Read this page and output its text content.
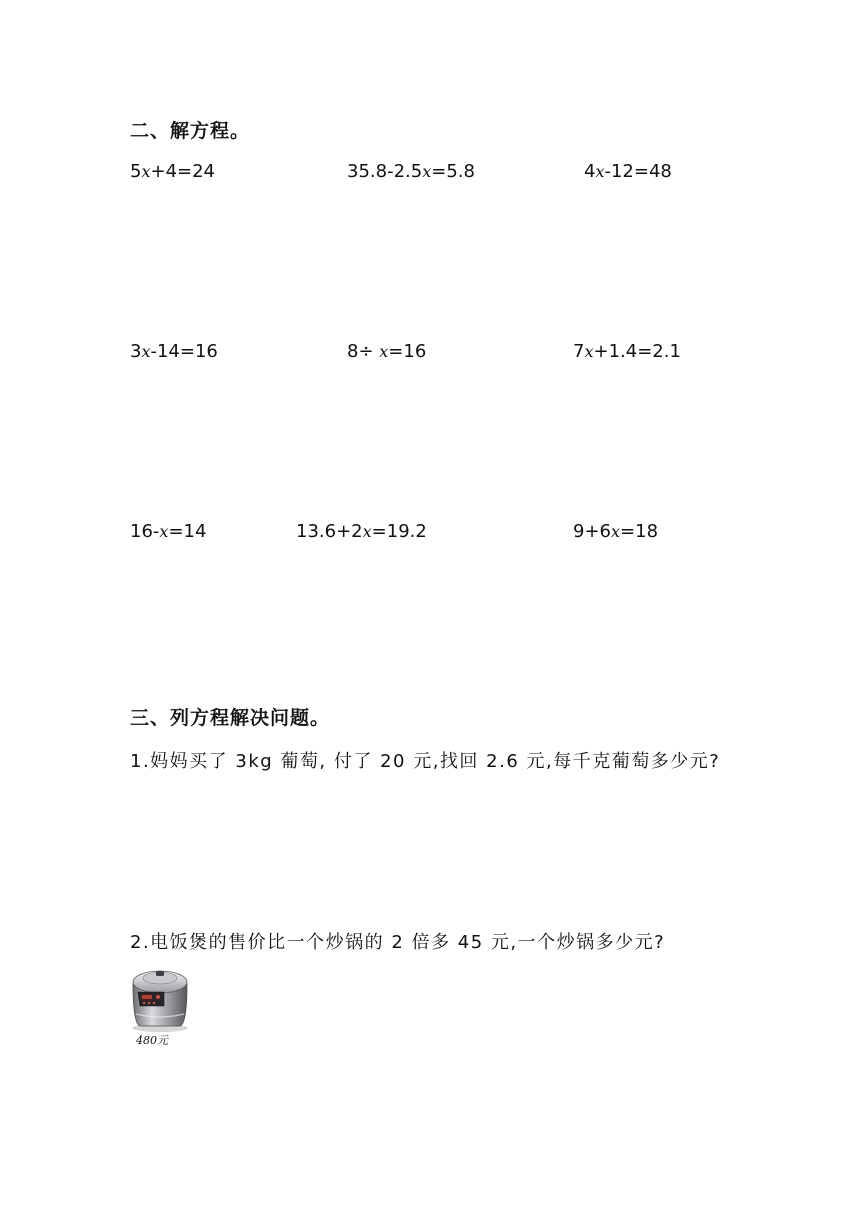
二、解方程。
5x+4=24	35.8-2.5x=5.8	4x-12=48
3x-14=16	8÷ x=16	7x+1.4=2.1
16-x=14	13.6+2x=19.2	9+6x=18
三、列方程解决问题。
1.妈妈买了 3kg 葡萄, 付了 20 元,找回 2.6 元,每千克葡萄多少元?
2.电饭煲的售价比一个炒锅的 2 倍多 45 元,一个炒锅多少元?
480元
